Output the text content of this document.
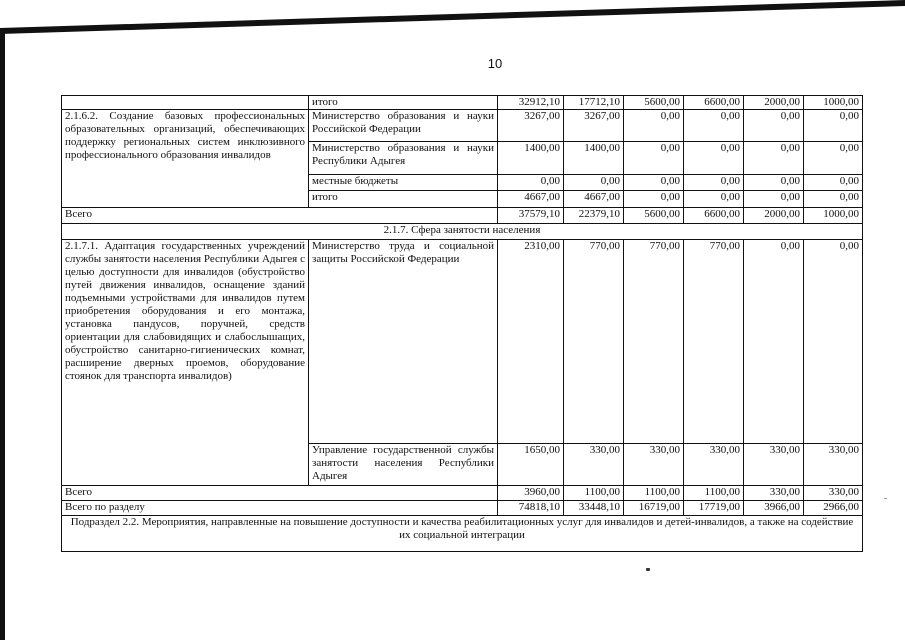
10
	итого	32912,10	17712,10	5600,00	6600,00	2000,00	1000,00
2.1.6.2. Создание базовых профессиональных образовательных организаций, обеспечивающих поддержку региональных систем инклюзивного профессионального образования инвалидов	Министерство образования и науки Российской Федерации	3267,00	3267,00	0,00	0,00	0,00	0,00
	Министерство образования и науки Республики Адыгея	1400,00	1400,00	0,00	0,00	0,00	0,00
	местные бюджеты	0,00	0,00	0,00	0,00	0,00	0,00
	итого	4667,00	4667,00	0,00	0,00	0,00	0,00
Всего		37579,10	22379,10	5600,00	6600,00	2000,00	1000,00
2.1.7. Сфера занятости населения							
2.1.7.1. Адаптация государственных учреждений службы занятости населения Республики Адыгея с целью доступности для инвалидов (обустройство путей движения инвалидов, оснащение зданий подъемными устройствами для инвалидов путем приобретения оборудования и его монтажа, установка пандусов, поручней, средств ориентации для слабовидящих и слабослышащих, обустройство санитарно-гигиенических комнат, расширение дверных проемов, оборудование стоянок для транспорта инвалидов)	Министерство труда и социальной защиты Российской Федерации	2310,00	770,00	770,00	770,00	0,00	0,00
	Управление государственной службы занятости населения Республики Адыгея	1650,00	330,00	330,00	330,00	330,00	330,00
Всего		3960,00	1100,00	1100,00	1100,00	330,00	330,00
Всего по разделу		74818,10	33448,10	16719,00	17719,00	3966,00	2966,00
Подраздел 2.2. Мероприятия, направленные на повышение доступности и качества реабилитационных услуг для инвалидов и детей-инвалидов, а также на содействие их социальной интеграции							
